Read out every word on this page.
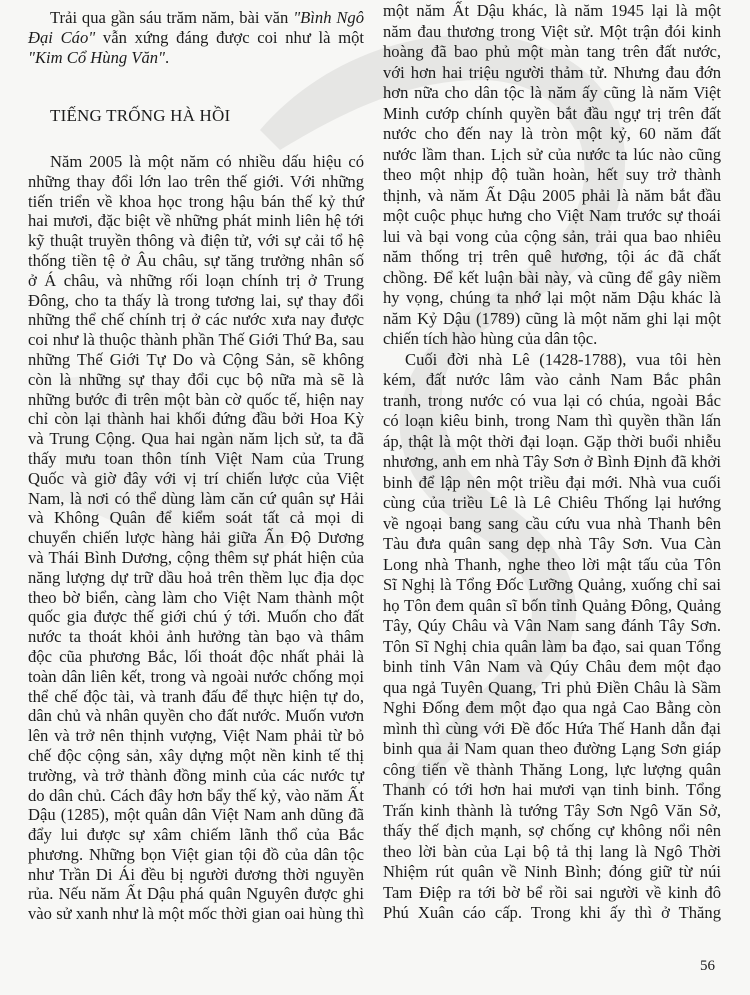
Trải qua gần sáu trăm năm, bài văn "Bình Ngô
Đại Cáo" vẫn xứng đáng được coi như là một
"Kim Cổ Hùng Văn".
TIẾNG TRỐNG HÀ HỒI
Năm 2005 là một năm có nhiều dấu hiệu có
những thay đổi lớn lao trên thế giới. Với những
tiến triển về khoa học trong hậu bán thế kỷ thứ
hai mươi, đặc biệt về những phát minh liên hệ tới
kỹ thuật truyền thông và điện tử, với sự cải tổ hệ
thống tiền tệ ở Âu châu, sự tăng trưởng nhân số
ở Á châu, và những rối loạn chính trị ở Trung
Đông, cho ta thấy là trong tương lai, sự thay đổi
những thể chế chính trị ở các nước xưa nay được
coi như là thuộc thành phần Thế Giới Thứ Ba, sau
những Thế Giới Tự Do và Cộng Sản, sẽ không
còn là những sự thay đổi cục bộ nữa mà sẽ là
những bước đi trên một bàn cờ quốc tế, hiện nay
chỉ còn lại thành hai khối đứng đầu bởi Hoa Kỳ
và Trung Cộng. Qua hai ngàn năm lịch sử, ta đã
thấy mưu toan thôn tính Việt Nam của Trung
Quốc và giờ đây với vị trí chiến lược của Việt
Nam, là nơi có thể dùng làm căn cứ quân sự Hải
và Không Quân để kiểm soát tất cả mọi di
chuyển chiến lược hàng hải giữa Ấn Độ Dương
và Thái Bình Dương, cộng thêm sự phát hiện của
năng lượng dự trữ dầu hoả trên thềm lục địa dọc
theo bờ biển, càng làm cho Việt Nam thành một
quốc gia được thế giới chú ý tới. Muốn cho đất
nước ta thoát khỏi ảnh hưởng tàn bạo và thâm
độc cũa phương Bắc, lối thoát độc nhất phải là
toàn dân liên kết, trong và ngoài nước chống mọi
thể chế độc tài, và tranh đấu để thực hiện tự do,
dân chủ và nhân quyền cho đất nước. Muốn vươn
lên và trở nên thịnh vượng, Việt Nam phải từ bỏ
chế độc cộng sản, xây dựng một nền kinh tế thị
trường, và trở thành đồng minh của các nước tự
do dân chủ. Cách đây hơn bẩy thế kỷ, vào năm Ất
Dậu (1285), một quân dân Việt Nam anh dũng đã
đẩy lui được sự xâm chiếm lãnh thổ của Bắc
phương. Những bọn Việt gian tội đồ của dân tộc
như Trần Di Ái đều bị người đương thời nguyền
rủa. Nếu năm Ất Dậu phá quân Nguyên được ghi
vào sử xanh như là một mốc thời gian oai hùng thì
một năm Ất Dậu khác, là năm 1945 lại là một
năm đau thương trong Việt sử. Một trận đói kinh
hoàng đã bao phủ một màn tang trên đất nước,
với hơn hai triệu người thảm tử. Nhưng đau đớn
hơn nữa cho dân tộc là năm ấy cũng là năm Việt
Minh cướp chính quyền bắt đầu ngự trị trên đất
nước cho đến nay là tròn một kỷ, 60 năm đất
nước lầm than. Lịch sử của nước ta lúc nào cũng
theo một nhịp độ tuần hoàn, hết suy trở thành
thịnh, và năm Ất Dậu 2005 phải là năm bắt đầu
một cuộc phục hưng cho Việt Nam trước sự thoái
lui và bại vong của cộng sản, trải qua bao nhiêu
năm thống trị trên quê hương, tội ác đã chất
chồng. Để kết luận bài này, và cũng để gây niềm
hy vọng, chúng ta nhớ lại một năm Dậu khác là
năm Kỷ Dậu (1789) cũng là một năm ghi lại một
chiến tích hào hùng của dân tộc.
Cuối đời nhà Lê (1428-1788), vua tôi hèn
kém, đất nước lâm vào cảnh Nam Bắc phân
tranh, trong nước có vua lại có chúa, ngoài Bắc
có loạn kiêu binh, trong Nam thì quyền thần lấn
áp, thật là một thời đại loạn. Gặp thời buổi nhiễu
nhương, anh em nhà Tây Sơn ở Bình Định đã khởi
binh để lập nên một triều đại mới. Nhà vua cuối
cùng của triều Lê là Lê Chiêu Thống lại hướng
về ngoại bang sang cầu cứu vua nhà Thanh bên
Tàu đưa quân sang dẹp nhà Tây Sơn. Vua Càn
Long nhà Thanh, nghe theo lời mật tấu của Tôn
Sĩ Nghị là Tổng Đốc Lưỡng Quảng, xuống chỉ sai
họ Tôn đem quân sĩ bốn tỉnh Quảng Đông, Quảng
Tây, Qúy Châu và Vân Nam sang đánh Tây Sơn.
Tôn Sĩ Nghị chia quân làm ba đạo, sai quan Tổng
binh tỉnh Vân Nam và Qúy Châu đem một đạo
qua ngả Tuyên Quang, Tri phủ Điền Châu là Sầm
Nghi Đống đem một đạo qua ngả Cao Bằng còn
mình thì cùng với Đề đốc Hứa Thế Hanh dẫn đại
binh qua ải Nam quan theo đường Lạng Sơn giáp
công tiến về thành Thăng Long, lực lượng quân
Thanh có tới hơn hai mươi vạn tinh binh. Tổng
Trấn kinh thành là tướng Tây Sơn Ngô Văn Sở,
thấy thế địch mạnh, sợ chống cự không nổi nên
theo lời bàn của Lại bộ tả thị lang là Ngô Thời
Nhiệm rút quân về Ninh Bình; đóng giữ từ núi
Tam Điệp ra tới bờ bể rồi sai người về kinh đô
Phú Xuân cáo cấp. Trong khi ấy thì ở Thăng
56
